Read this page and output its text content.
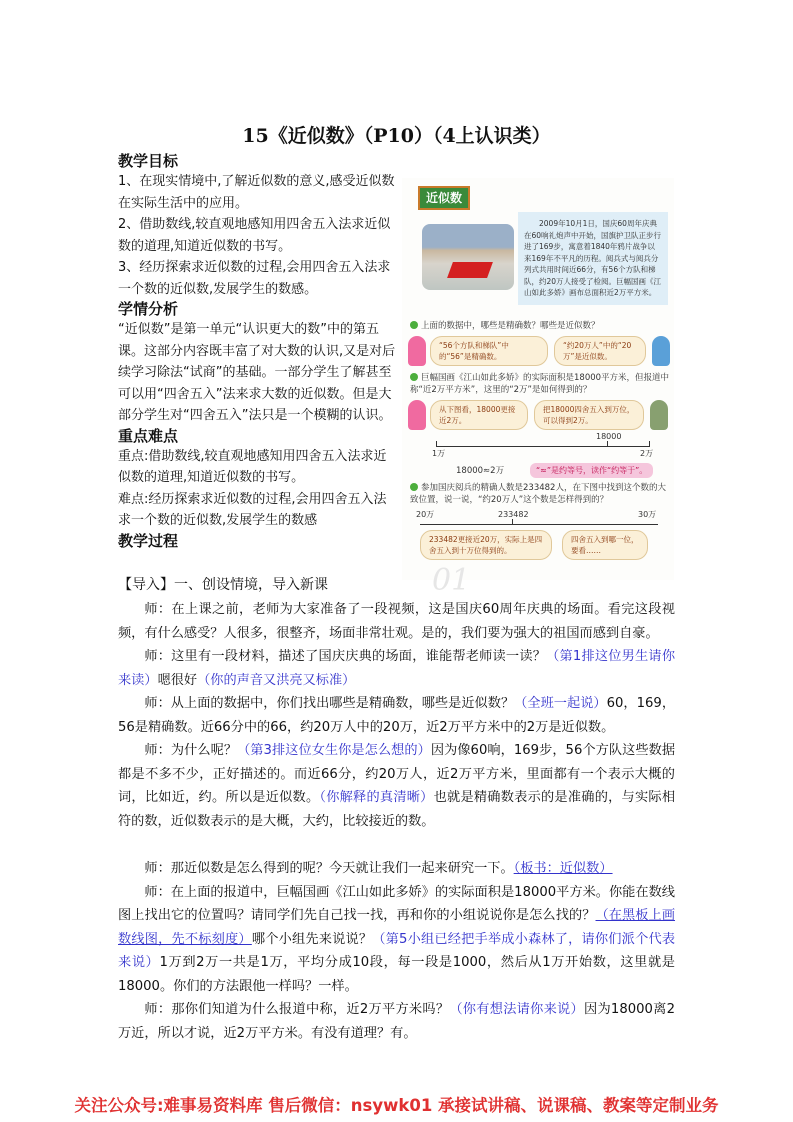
15《近似数》（P10）（4上认识类）
教学目标
1、在现实情境中,了解近似数的意义,感受近似数在实际生活中的应用。
2、借助数线,较直观地感知用四舍五入法求近似数的道理,知道近似数的书写。
3、经历探索求近似数的过程,会用四舍五入法求一个数的近似数,发展学生的数感。
学情分析
“近似数”是第一单元“认识更大的数”中的第五课。这部分内容既丰富了对大数的认识,又是对后续学习除法“试商”的基础。一部分学生了解甚至可以用“四舍五入”法来求大数的近似数。但是大部分学生对“四舍五入”法只是一个模糊的认识。
重点难点
重点:借助数线,较直观地感知用四舍五入法求近似数的道理,知道近似数的书写。
难点:经历探索求近似数的过程,会用四舍五入法求一个数的近似数,发展学生的数感
教学过程
【导入】一、创设情境，导入新课
近似数
2009年10月1日，国庆60周年庆典在60响礼炮声中开始，国旗护卫队正步行进了169步，寓意着1840年鸦片战争以来169年不平凡的历程。阅兵式与阅兵分列式共用时间近66分，有56个方队和梯队，约20万人接受了检阅。巨幅国画《江山如此多娇》画布总面积近2万平方米。
上面的数据中，哪些是精确数？哪些是近似数？
“56个方队和梯队”中的“56”是精确数。
“约20万人”中的“20万”是近似数。
巨幅国画《江山如此多娇》的实际面积是18000平方米，但报道中称“近2万平方米”，这里的“2万”是如何得到的？
从下图看，18000更接近2万。
把18000四舍五入到万位，可以得到2万。
18000
1万	2万
18000≈2万	“≈”是约等号，读作“约等于”。
参加国庆阅兵的精确人数是233482人，在下图中找到这个数的大致位置，说一说，“约20万人”这个数是怎样得到的？
20万	233482	30万
233482更接近20万，实际上是四舍五入到十万位得到的。
四舍五入到哪一位，要看……
01

师：在上课之前，老师为大家准备了一段视频，这是国庆60周年庆典的场面。看完这段视频，有什么感受？人很多，很整齐，场面非常壮观。是的，我们要为强大的祖国而感到自豪。

师：这里有一段材料，描述了国庆庆典的场面，谁能帮老师读一读？（第1排这位男生请你来读）嗯很好（你的声音又洪亮又标准）

师：从上面的数据中，你们找出哪些是精确数，哪些是近似数？（全班一起说）60，169，56是精确数。近66分中的66，约20万人中的20万，近2万平方米中的2万是近似数。

师：为什么呢？（第3排这位女生你是怎么想的）因为像60响，169步，56个方队这些数据都是不多不少，正好描述的。而近66分，约20万人，近2万平方米，里面都有一个表示大概的词，比如近，约。所以是近似数。（你解释的真清晰）也就是精确数表示的是准确的，与实际相符的数，近似数表示的是大概，大约，比较接近的数。

师：那近似数是怎么得到的呢？今天就让我们一起来研究一下。（板书：近似数）

师：在上面的报道中，巨幅国画《江山如此多娇》的实际面积是18000平方米。你能在数线图上找出它的位置吗？请同学们先自己找一找，再和你的小组说说你是怎么找的？（在黑板上画数线图，先不标刻度）哪个小组先来说说？（第5小组已经把手举成小森林了，请你们派个代表来说）1万到2万一共是1万，平均分成10段，每一段是1000，然后从1万开始数，这里就是18000。你们的方法跟他一样吗？一样。

师：那你们知道为什么报道中称，近2万平方米吗？（你有想法请你来说）因为18000离2万近，所以才说，近2万平方米。有没有道理？有。

关注公众号:难事易资料库 售后微信：nsywk01 承接试讲稿、说课稿、教案等定制业务
